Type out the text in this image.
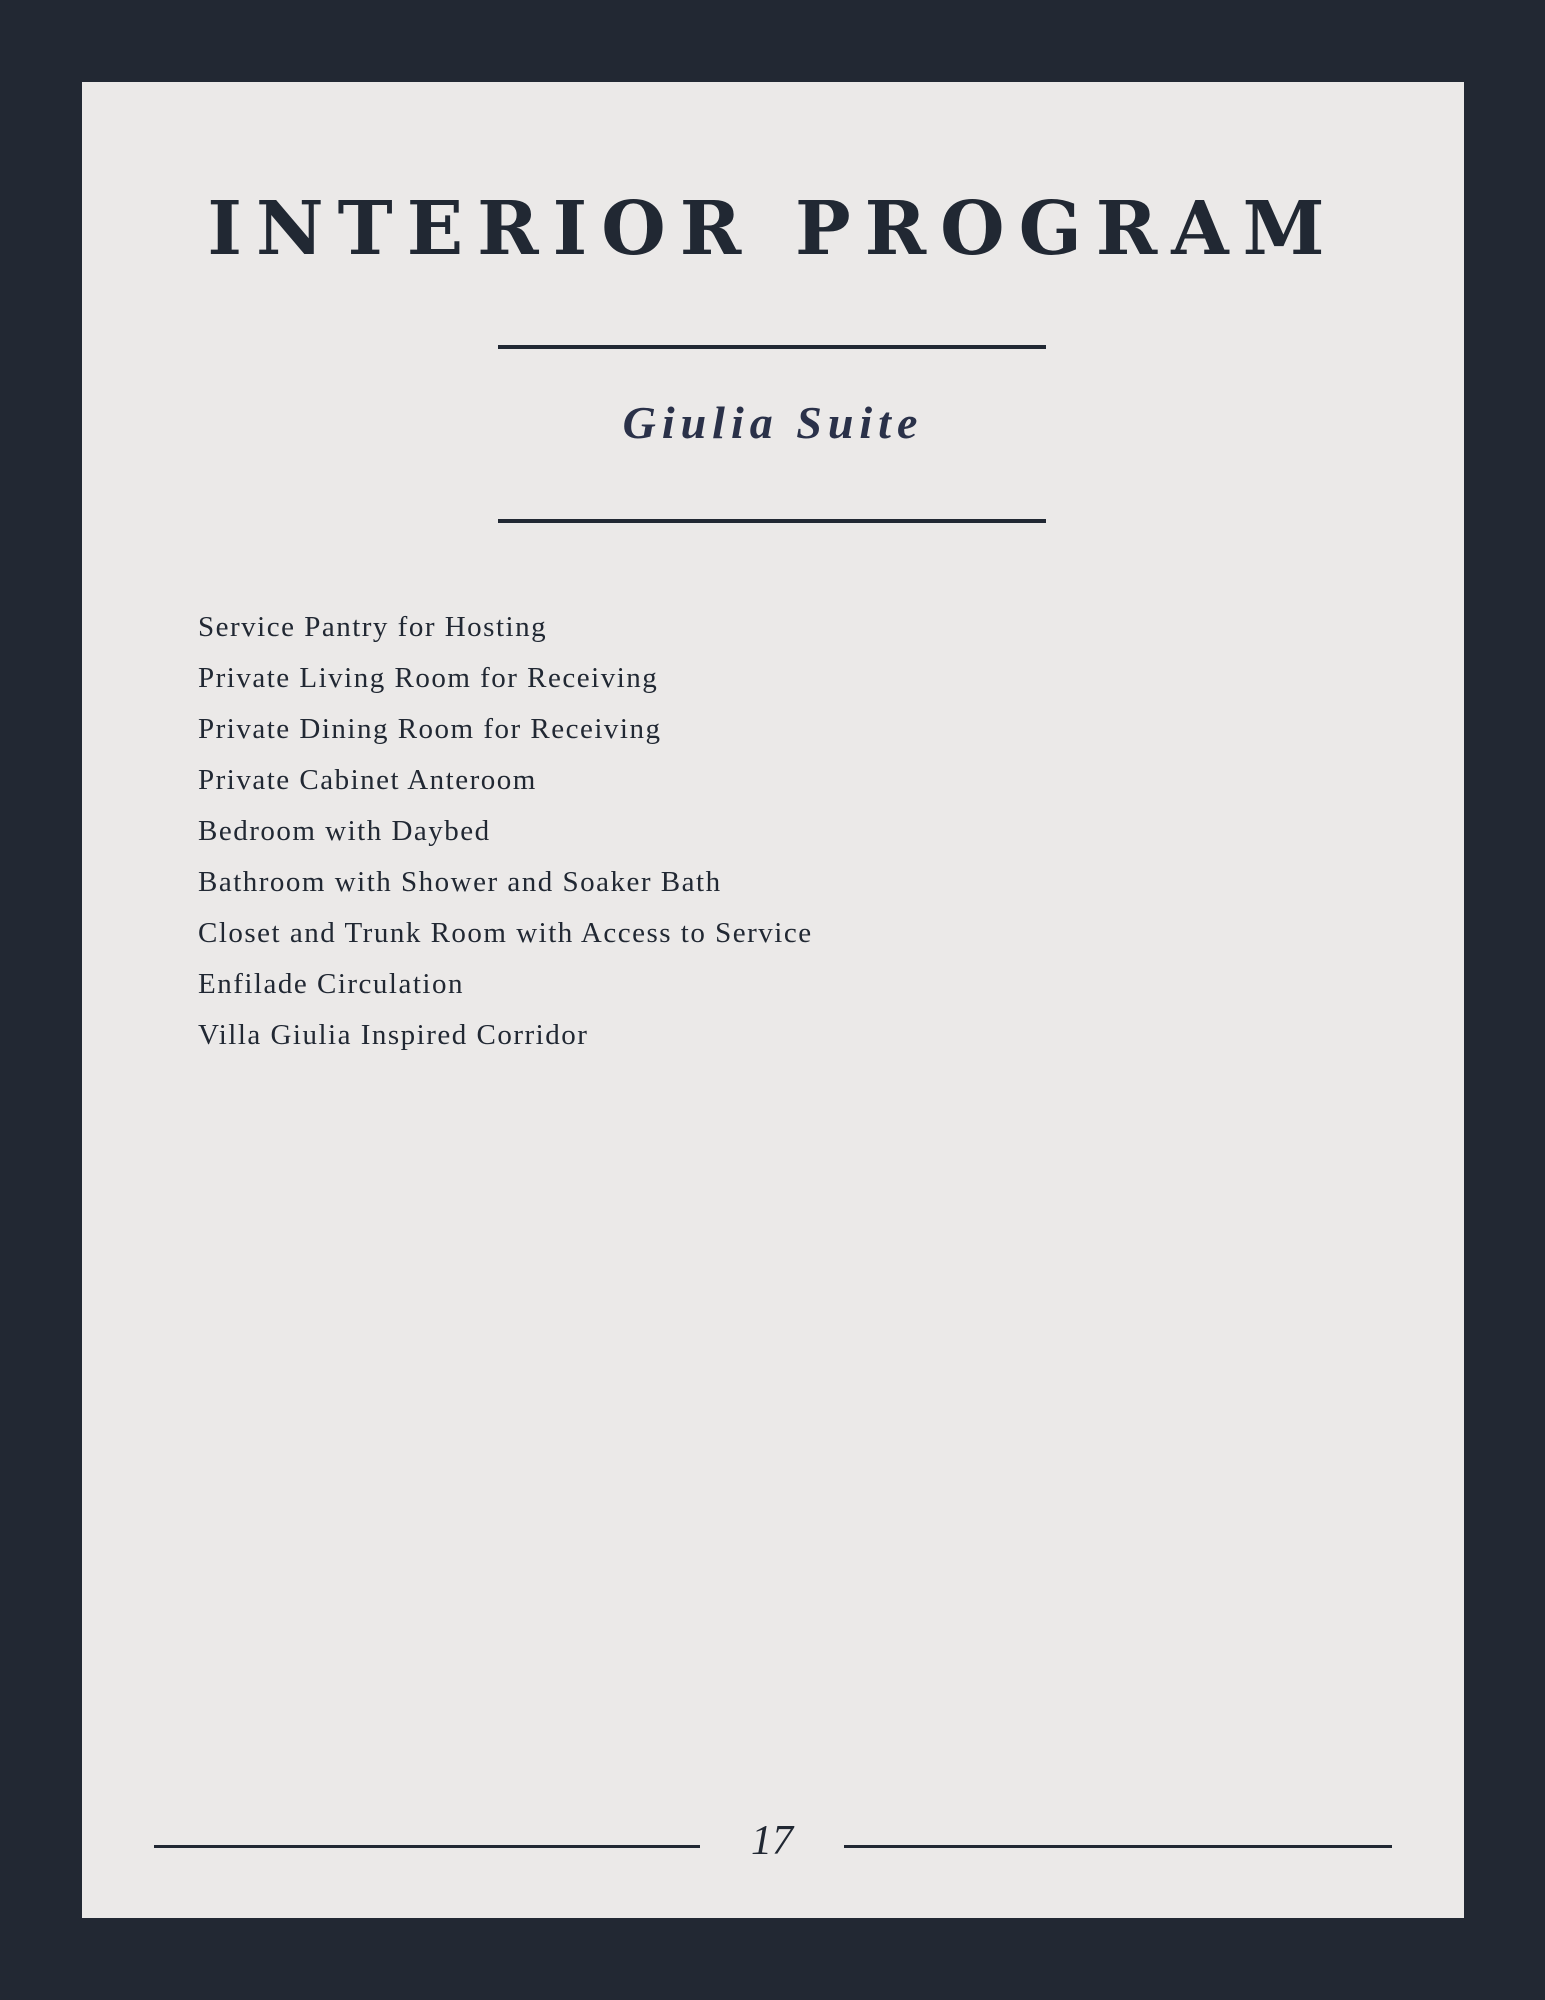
INTERIOR PROGRAM
Giulia Suite
Service Pantry for Hosting
Private Living Room for Receiving
Private Dining Room for Receiving
Private Cabinet Anteroom
Bedroom with Daybed
Bathroom with Shower and Soaker Bath
Closet and Trunk Room with Access to Service
Enfilade Circulation
Villa Giulia Inspired Corridor
17
